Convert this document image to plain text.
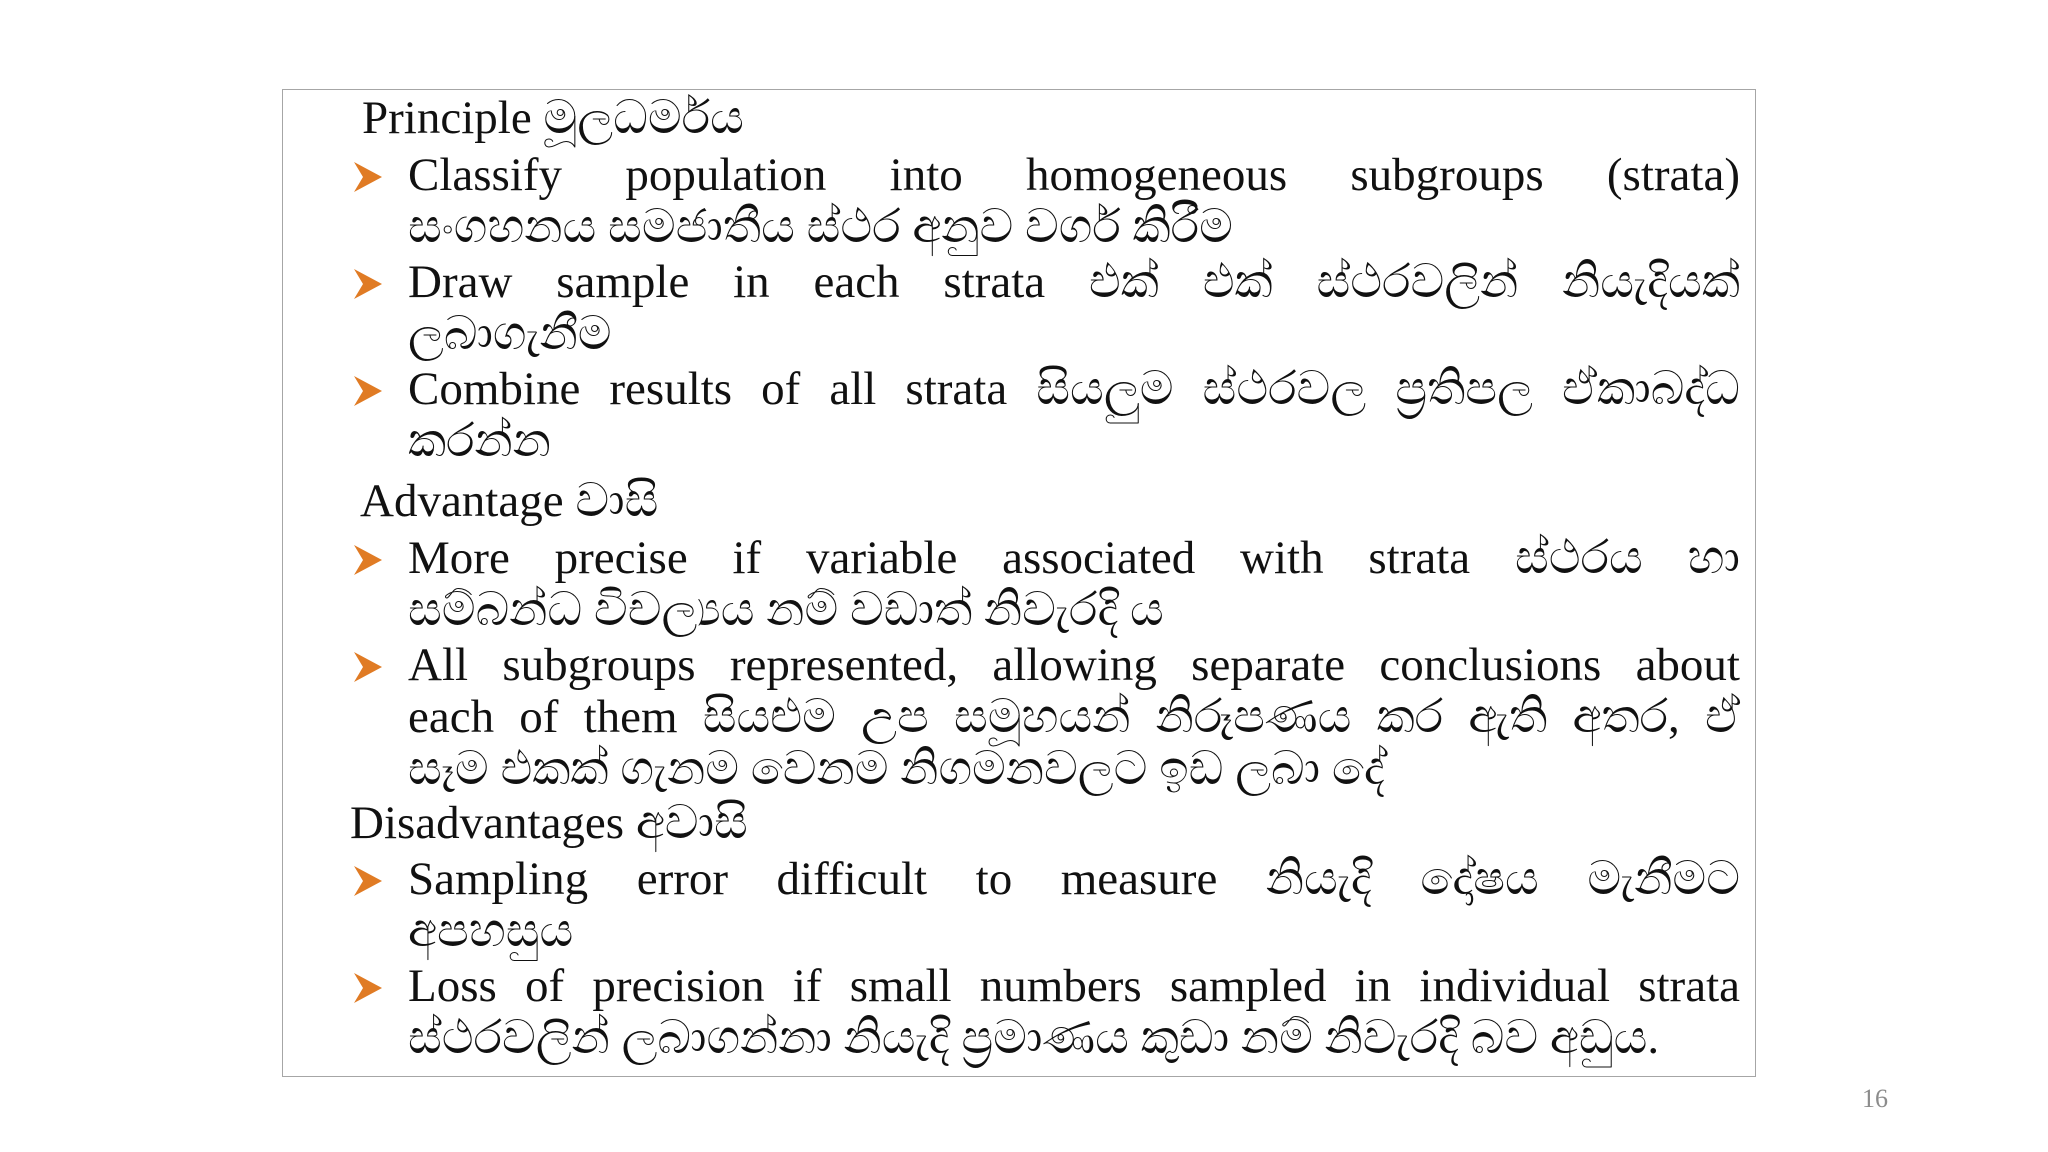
Principle මූලධර්මය
Classify population into homogeneous subgroups (strata)
සංගහනය සමජාතීය ස්ථර අනුව වර්ග කිරීම
Draw sample in each strata එක් එක් ස්ථරවලින් නියැදියක්
ලබාගැනීම
Combine results of all strata සියලුම ස්ථරවල ප්‍රතිපල ඒකාබද්ධ
කරන්න
Advantage වාසි
More precise if variable associated with strata ස්ථරය හා
සම්බන්ධ විචල්‍යය නම් වඩාත් නිවැරදි ය
All subgroups represented, allowing separate conclusions about
each of them සියළුම උප සමූහයන් නිරූපණය කර ඇති අතර, ඒ
සෑම එකක් ගැනම වෙනම නිගමනවලට ඉඩ ලබා දේ
Disadvantages අවාසි
Sampling error difficult to measure නියැදි දෝෂය මැනීමට
අපහසුය
Loss of precision if small numbers sampled in individual strata
ස්ථරවලින් ලබාගන්නා නියැදි ප්‍රමාණය කුඩා නම් නිවැරදි බව අඩුය.
16
